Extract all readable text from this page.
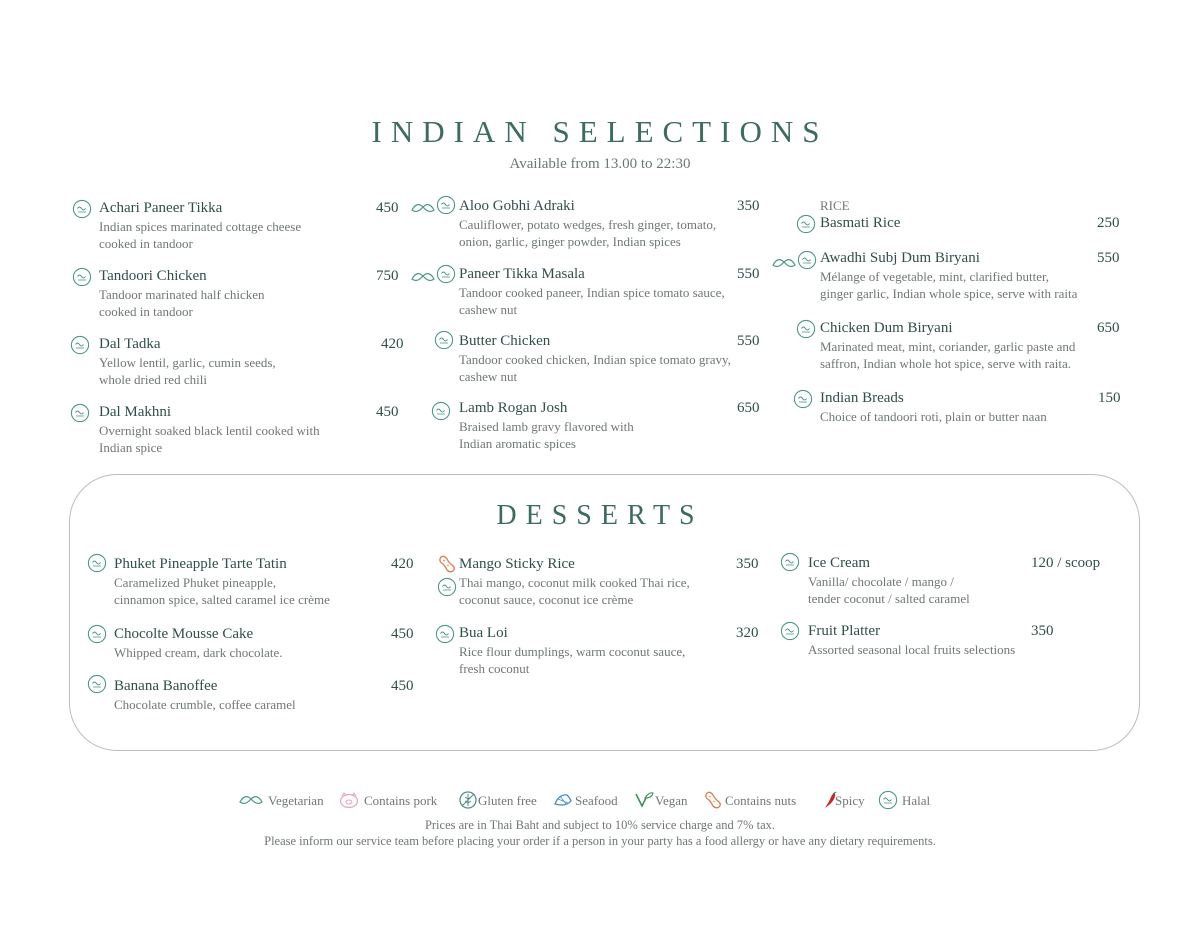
INDIAN SELECTIONS
Available from 13.00 to 22:30
Achari Paneer Tikka
Indian spices marinated cottage cheese
cooked in tandoor
450
Tandoori Chicken
Tandoor marinated half chicken
cooked in tandoor
750
Dal Tadka
Yellow lentil, garlic, cumin seeds,
whole dried red chili
420
Dal Makhni
Overnight soaked black lentil cooked with
Indian spice
450
Aloo Gobhi Adraki
Cauliflower, potato wedges, fresh ginger, tomato,
onion, garlic, ginger powder, Indian spices
350
Paneer Tikka Masala
Tandoor cooked paneer, Indian spice tomato sauce,
cashew nut
550
Butter Chicken
Tandoor cooked chicken, Indian spice tomato gravy,
cashew nut
550
Lamb Rogan Josh
Braised lamb gravy flavored with
Indian aromatic spices
650
Basmati Rice	250
Awadhi Subj Dum Biryani
Mélange of vegetable, mint, clarified butter,
ginger garlic, Indian whole spice, serve with raita
550
Chicken Dum Biryani
Marinated meat, mint, coriander, garlic paste and
saffron, Indian whole hot spice, serve with raita.
650
Indian Breads
Choice of tandoori roti, plain or butter naan
150
RICE
DESSERTS
Phuket Pineapple Tarte Tatin
Caramelized Phuket pineapple,
cinnamon spice, salted caramel ice crème
420
Chocolte Mousse Cake
Whipped cream, dark chocolate.
450
Banana Banoffee
Chocolate crumble, coffee caramel
450
Mango Sticky Rice
Thai mango, coconut milk cooked Thai rice,
coconut sauce, coconut ice crème
350
Bua Loi
Rice flour dumplings, warm coconut sauce,
fresh coconut
320
Ice Cream
Vanilla/ chocolate / mango /
tender coconut / salted caramel
120 / scoop
Fruit Platter
Assorted seasonal local fruits selections
350
Vegetarian	Contains pork	Gluten free	Seafood	Vegan	Contains nuts	Spicy	Halal
Prices are in Thai Baht and subject to 10% service charge and 7% tax.
Please inform our service team before placing your order if a person in your party has a food allergy or have any dietary requirements.
